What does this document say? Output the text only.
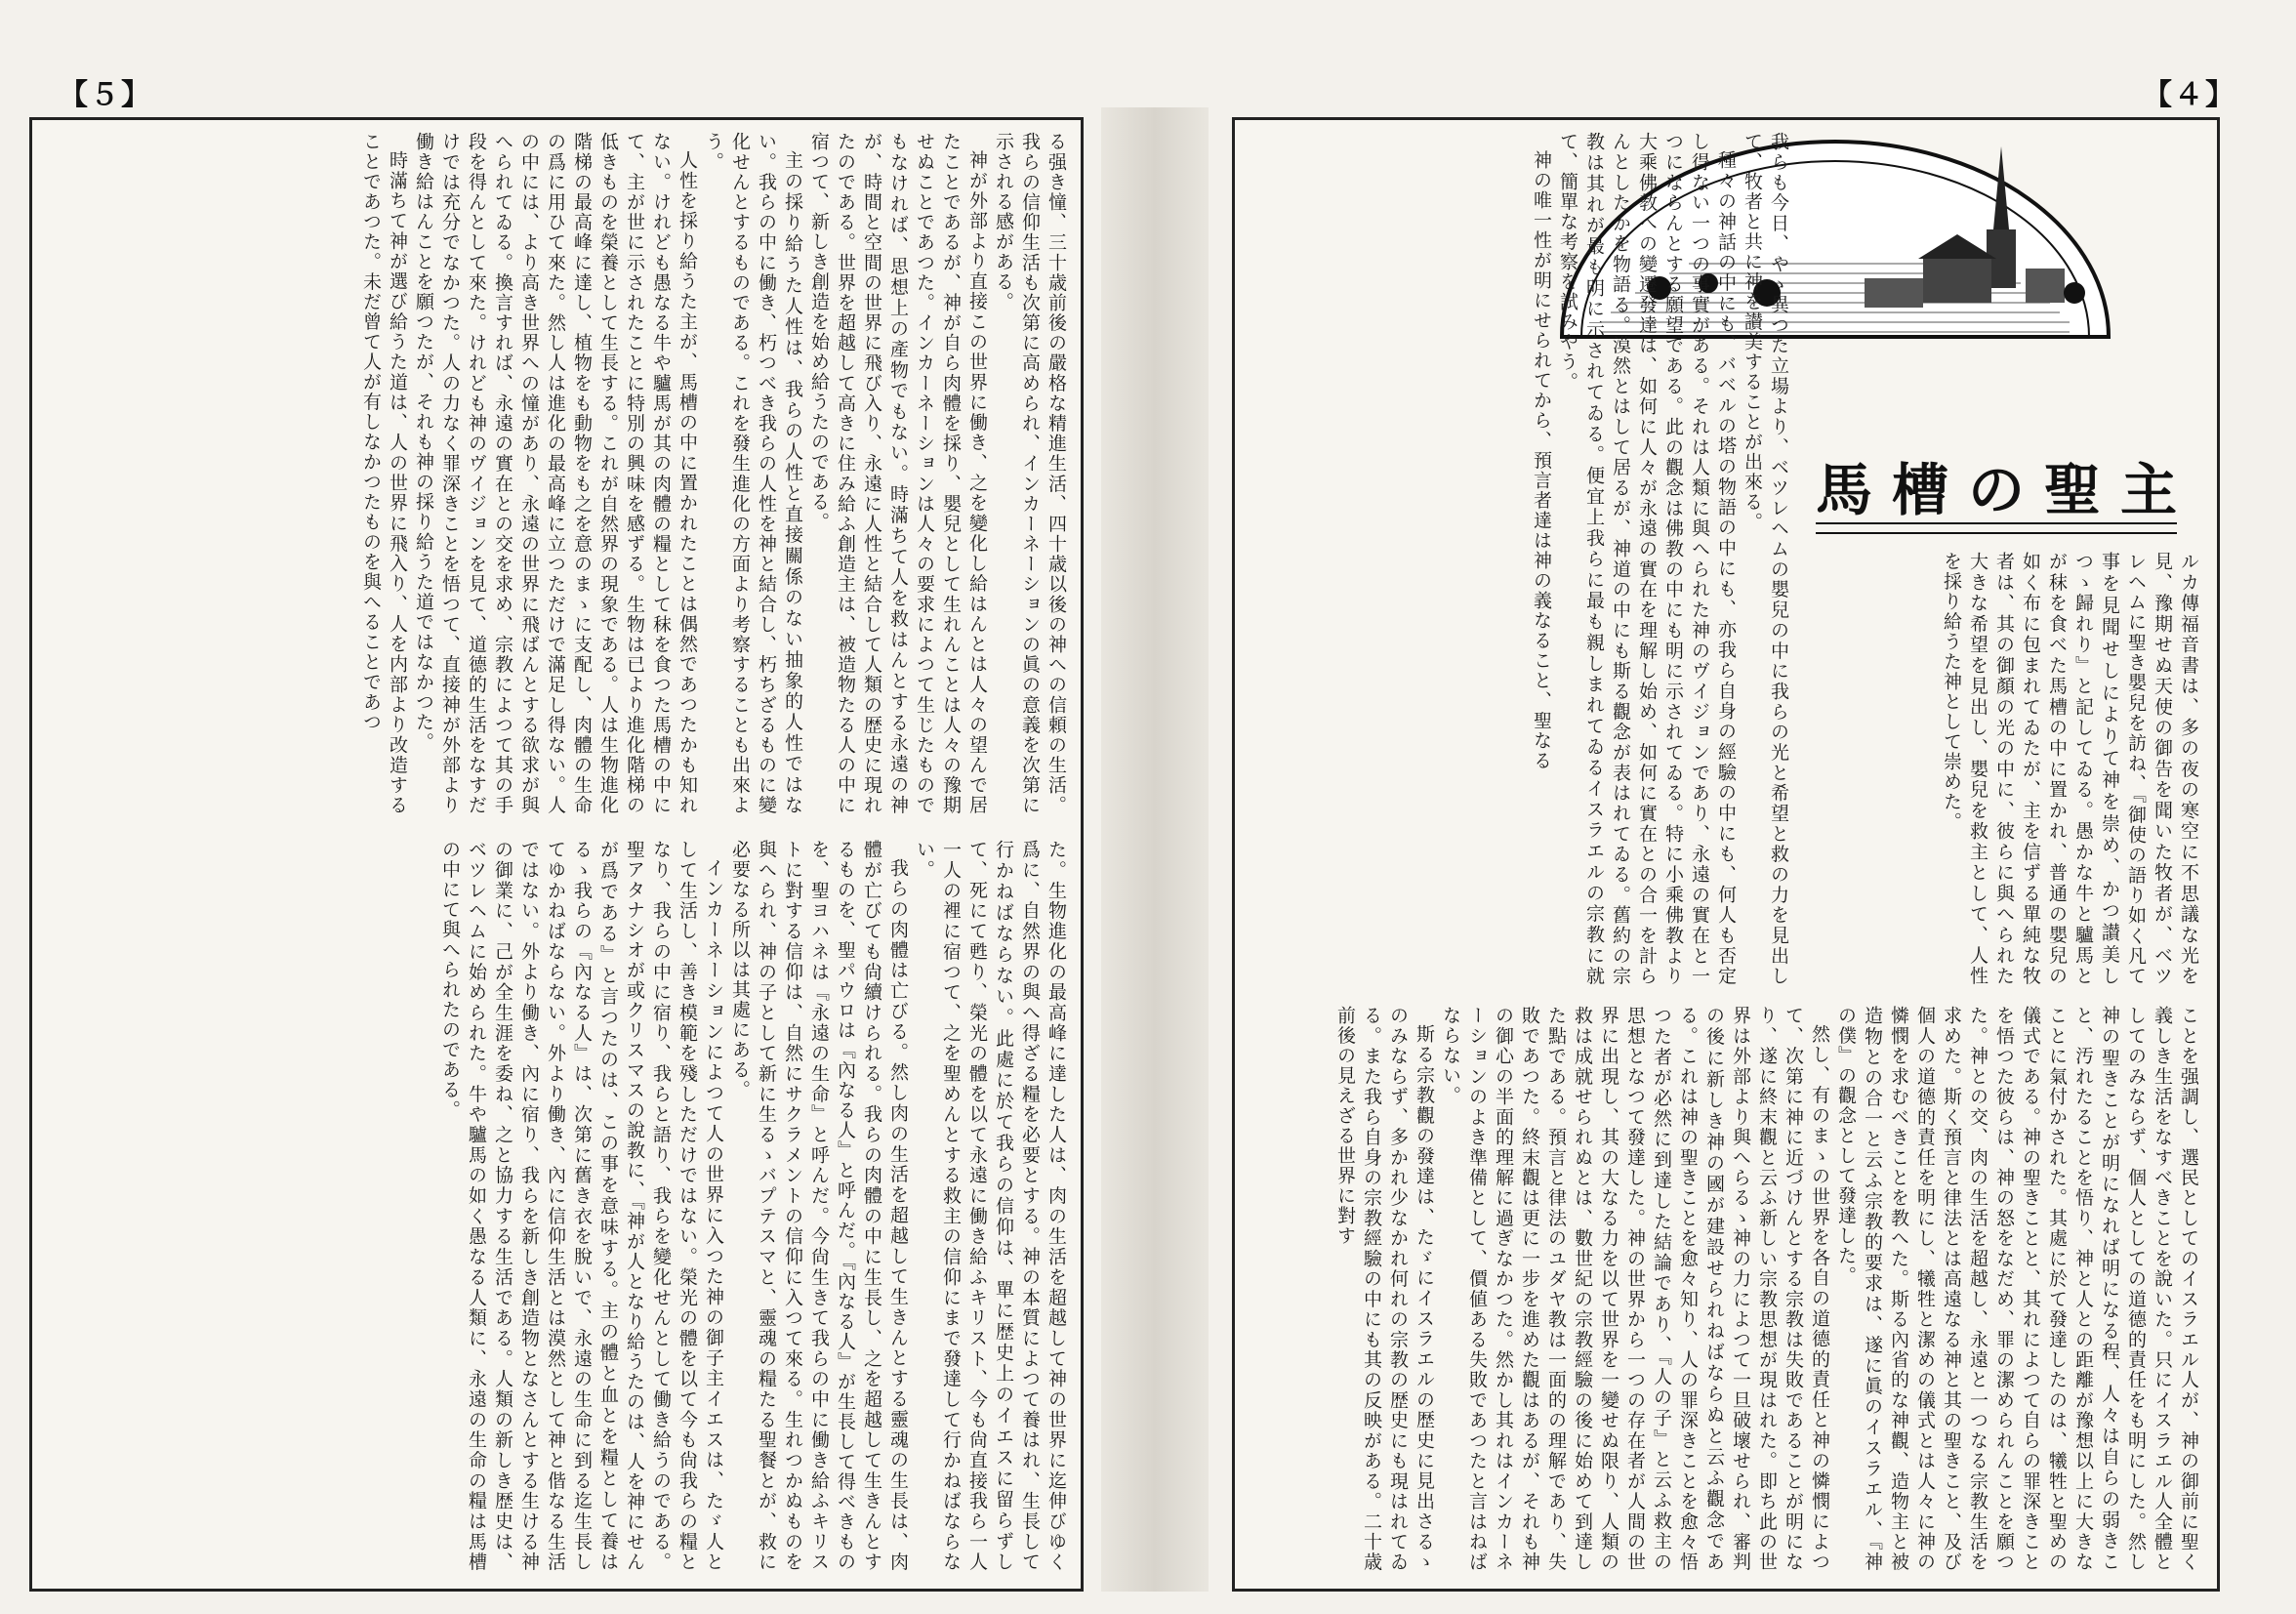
【５】	【４】

る强き憧、三十歳前後の嚴格な精進生活、四十歳以後の神への信頼の生活。我らの信仰生活も次第に高められ、インカーネーションの眞の意義を次第に示される感がある。

神が外部より直接この世界に働き、之を變化し給はんとは人々の望んで居たことであるが、神が自ら肉體を採り、嬰兒として生れんことは人々の豫期せぬことであつた。インカーネーションは人々の要求によつて生じたものでもなければ、思想上の產物でもない。時滿ちて人を救はんとする永遠の神が、時間と空間の世界に飛び入り、永遠に人性と結合して人類の歴史に現れたのである。世界を超越して高きに住み給ふ創造主は、被造物たる人の中に宿つて、新しき創造を始め給うたのである。

主の採り給うた人性は、我らの人性と直接關係のない抽象的人性ではない。我らの中に働き、朽つべき我らの人性を神と結合し、朽ちざるものに變化せんとするものである。これを發生進化の方面より考察することも出來よう。

人性を採り給うた主が、馬槽の中に置かれたことは偶然であつたかも知れない。けれども愚なる牛や驢馬が其の肉體の糧として秣を食つた馬槽の中にて、主が世に示されたことに特別の興味を感ずる。生物は已より進化階梯の低きものを榮養として生長する。これが自然界の現象である。人は生物進化階梯の最高峰に達し、植物をも動物をも之を意のまゝに支配し、肉體の生命の爲に用ひて來た。然し人は進化の最高峰に立つただけで滿足し得ない。人の中には、より高き世界への憧があり、永遠の世界に飛ばんとする欲求が與へられてゐる。換言すれば、永遠の實在との交を求め、宗教によつて其の手段を得んとして來た。けれども神のヴイジョンを見て、道德的生活をなすだけでは充分でなかつた。人の力なく罪深きことを悟つて、直接神が外部より働き給はんことを願つたが、それも神の採り給うた道ではなかつた。

時滿ちて神が選び給うた道は、人の世界に飛入り、人を内部より改造することであつた。未だ曾て人が有しなかつたものを與へることであつ

た。生物進化の最高峰に達した人は、肉の生活を超越して神の世界に迄伸びゆく爲に、自然界の與へ得ざる糧を必要とする。神の本質によつて養はれ、生長して行かねばならない。此處に於て我らの信仰は、單に歴史上のイエスに留らずして、死にて甦り、榮光の體を以て永遠に働き給ふキリスト、今も尙直接我ら一人一人の裡に宿つて、之を聖めんとする救主の信仰にまで發達して行かねばならない。

我らの肉體は亡びる。然し肉の生活を超越して生きんとする靈魂の生長は、肉體が亡びても尙續けられる。我らの肉體の中に生長し、之を超越して生きんとするものを、聖パウロは『內なる人』と呼んだ。『內なる人』が生長して得べきものを、聖ヨハネは『永遠の生命』と呼んだ。今尙生きて我らの中に働き給ふキリストに對する信仰は、自然にサクラメントの信仰に入つて來る。生れつかぬものを與へられ、神の子として新に生るゝバプテスマと、靈魂の糧たる聖餐とが、救に必要なる所以は其處にある。

インカーネーションによつて人の世界に入つた神の御子主イエスは、たゞ人として生活し、善き模範を殘しただけではない。榮光の體を以て今も尙我らの糧となり、我らの中に宿り、我らと語り、我らを變化せんとして働き給うのである。聖アタナシオが或クリスマスの說教に、『神が人となり給うたのは、人を神にせんが爲である』と言つたのは、この事を意味する。主の體と血とを糧として養はるゝ我らの『內なる人』は、次第に舊き衣を脫いで、永遠の生命に到る迄生長してゆかねばならない。外より働き、內に信仰生活とは漠然として神と偕なる生活ではない。外より働き、內に宿り、我らを新しき創造物となさんとする生ける神の御業に、己が全生涯を委ね、之と協力する生活である。人類の新しき歴史は、ベツレヘムに始められた。牛や驢馬の如く愚なる人類に、永遠の生命の糧は馬槽の中にて與へられたのである。

馬槽の聖主

ルカ傳福音書は、多の夜の寒空に不思議な光を見、豫期せぬ天使の御告を聞いた牧者が、ベツレヘムに聖き嬰兒を訪ね、『御使の語り如く凡て事を見聞せしによりて神を崇め、かつ讃美しつゝ歸れり』と記してゐる。愚かな牛と驢馬とが秣を食べた馬槽の中に置かれ、普通の嬰兒の如く布に包まれてゐたが、主を信ずる單純な牧者は、其の御顏の光の中に、彼らに與へられた大きな希望を見出し、嬰兒を救主として、人性を採り給うた神として崇めた。

我らも今日、やゝ異つた立場より、ベツレヘムの嬰兒の中に我らの光と希望と救の力を見出して、牧者と共に神を讃美することが出來る。

種々の神話の中にも、バベルの塔の物語の中にも、亦我ら自身の經驗の中にも、何人も否定し得ない一つの事實がある。それは人類に與へられた神のヴイジョンであり、永遠の實在と一つにならんとする願望である。此の觀念は佛教の中にも明に示されてゐる。特に小乘佛教より大乘佛教への變遷發達は、如何に人々が永遠の實在を理解し始め、如何に實在との合一を計らんとしたかを物語る。漠然とはして居るが、神道の中にも斯る觀念が表はれてゐる。舊約の宗教は其れが最も明に示されてゐる。便宜上我らに最も親しまれてゐるイスラエルの宗教に就て、簡單な考察を試みやう。

神の唯一性が明にせられてから、預言者達は神の義なること、聖なる

ことを强調し、選民としてのイスラエル人が、神の御前に聖く義しき生活をなすべきことを說いた。只にイスラエル人全體としてのみならず、個人としての道德的責任をも明にした。然し神の聖きことが明になれば明になる程、人々は自らの弱きこと、汚れたることを悟り、神と人との距離が豫想以上に大きなことに氣付かされた。其處に於て發達したのは、犧牲と聖めの儀式である。神の聖きことと、其れによつて自らの罪深きことを悟つた彼らは、神の怒をなだめ、罪の潔められんことを願つた。神との交、肉の生活を超越し、永遠と一つなる宗教生活を求めた。斯く預言と律法とは高遠なる神と其の聖きこと、及び個人の道德的責任を明にし、犧牲と潔めの儀式とは人々に神の憐憫を求むべきことを教へた。斯る內省的な神觀、造物主と被造物との合一と云ふ宗教的要求は、遂に眞のイスラエル、『神の僕』の觀念として發達した。

然し、有のまゝの世界を各自の道德的責任と神の憐憫によつて、次第に神に近づけんとする宗教は失敗であることが明になり、遂に終末觀と云ふ新しい宗教思想が現はれた。即ち此の世界は外部より與へらるゝ神の力によつて一旦破壞せられ、審判の後に新しき神の國が建設せられねばならぬと云ふ觀念である。これは神の聖きことを愈々知り、人の罪深きことを愈々悟つた者が必然に到達した結論であり、『人の子』と云ふ救主の思想となつて發達した。神の世界から一つの存在者が人間の世界に出現し、其の大なる力を以て世界を一變せぬ限り、人類の救は成就せられぬとは、數世紀の宗教經驗の後に始めて到達した點である。預言と律法のユダヤ教は一面的の理解であり、失敗であつた。終末觀は更に一步を進めた觀はあるが、それも神の御心の半面的理解に過ぎなかつた。然かし其れはインカーネーションのよき準備として、價値ある失敗であつたと言はねばならない。

斯る宗教觀の發達は、たゞにイスラエルの歴史に見出さるゝのみならず、多かれ少なかれ何れの宗教の歴史にも現はれてゐる。また我ら自身の宗教經驗の中にも其の反映がある。二十歳前後の見えざる世界に對す
